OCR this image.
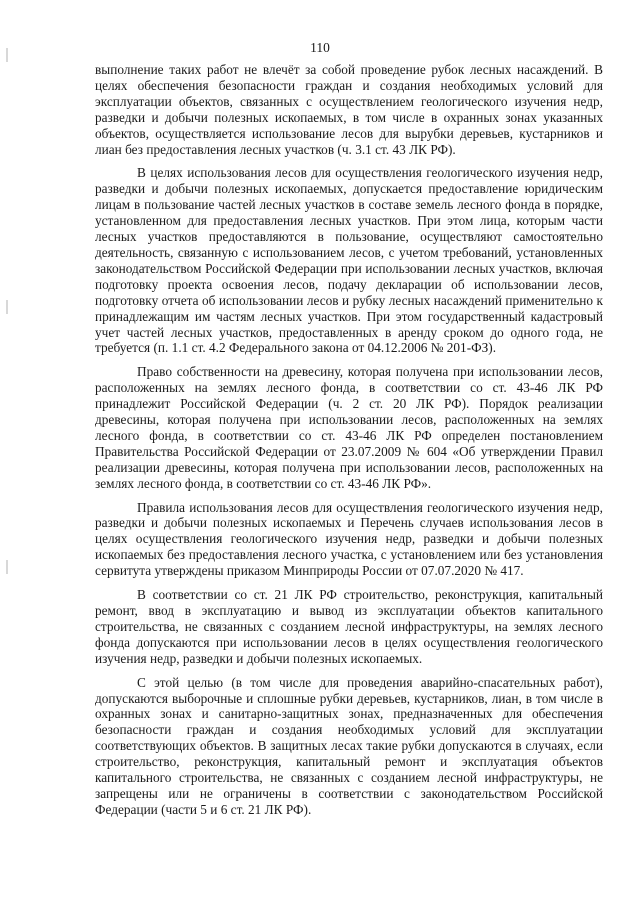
110

выполнение таких работ не влечёт за собой проведение рубок лесных насаждений. В целях обеспечения безопасности граждан и создания необходимых условий для эксплуатации объектов, связанных с осуществлением геологического изучения недр, разведки и добычи полезных ископаемых, в том числе в охранных зонах указанных объектов, осуществляется использование лесов для вырубки деревьев, кустарников и лиан без предоставления лесных участков (ч. 3.1 ст. 43 ЛК РФ).

В целях использования лесов для осуществления геологического изучения недр, разведки и добычи полезных ископаемых, допускается предоставление юридическим лицам в пользование частей лесных участков в составе земель лесного фонда в порядке, установленном для предоставления лесных участков. При этом лица, которым части лесных участков предоставляются в пользование, осуществляют самостоятельно деятельность, связанную с использованием лесов, с учетом требований, установленных законодательством Российской Федерации при использовании лесных участков, включая подготовку проекта освоения лесов, подачу декларации об использовании лесов, подготовку отчета об использовании лесов и рубку лесных насаждений применительно к принадлежащим им частям лесных участков. При этом государственный кадастровый учет частей лесных участков, предоставленных в аренду сроком до одного года, не требуется (п. 1.1 ст. 4.2 Федерального закона от 04.12.2006 № 201-ФЗ).

Право собственности на древесину, которая получена при использовании лесов, расположенных на землях лесного фонда, в соответствии со ст. 43-46 ЛК РФ принадлежит Российской Федерации (ч. 2 ст. 20 ЛК РФ). Порядок реализации древесины, которая получена при использовании лесов, расположенных на землях лесного фонда, в соответствии со ст. 43-46 ЛК РФ определен постановлением Правительства Российской Федерации от 23.07.2009 № 604 «Об утверждении Правил реализации древесины, которая получена при использовании лесов, расположенных на землях лесного фонда, в соответствии со ст. 43-46 ЛК РФ».

Правила использования лесов для осуществления геологического изучения недр, разведки и добычи полезных ископаемых и Перечень случаев использования лесов в целях осуществления геологического изучения недр, разведки и добычи полезных ископаемых без предоставления лесного участка, с установлением или без установления сервитута утверждены приказом Минприроды России от 07.07.2020 № 417.

В соответствии со ст. 21 ЛК РФ строительство, реконструкция, капитальный ремонт, ввод в эксплуатацию и вывод из эксплуатации объектов капитального строительства, не связанных с созданием лесной инфраструктуры, на землях лесного фонда допускаются при использовании лесов в целях осуществления геологического изучения недр, разведки и добычи полезных ископаемых.

С этой целью (в том числе для проведения аварийно-спасательных работ), допускаются выборочные и сплошные рубки деревьев, кустарников, лиан, в том числе в охранных зонах и санитарно-защитных зонах, предназначенных для обеспечения безопасности граждан и создания необходимых условий для эксплуатации соответствующих объектов. В защитных лесах такие рубки допускаются в случаях, если строительство, реконструкция, капитальный ремонт и эксплуатация объектов капитального строительства, не связанных с созданием лесной инфраструктуры, не запрещены или не ограничены в соответствии с законодательством Российской Федерации (части 5 и 6 ст. 21 ЛК РФ).
